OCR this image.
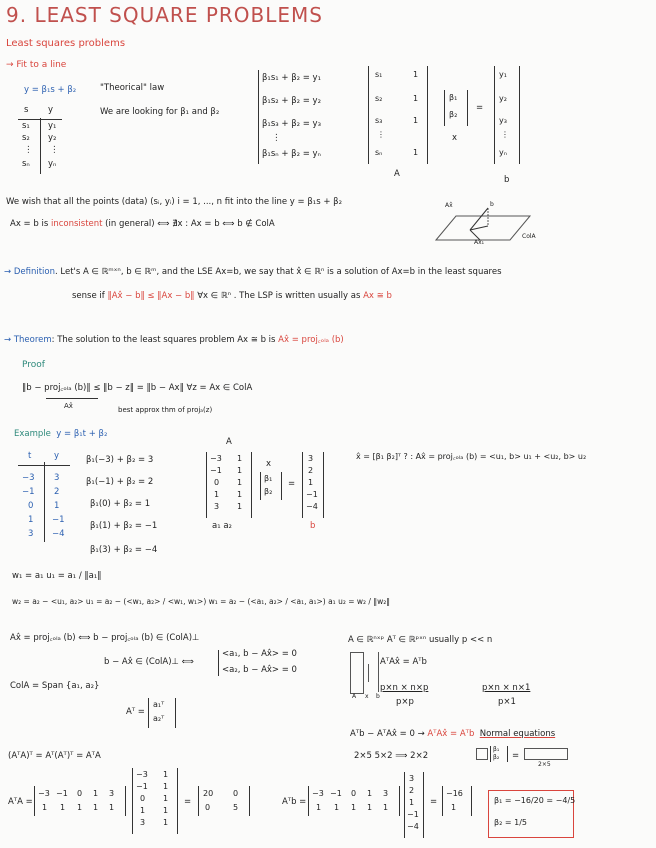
9. LEAST SQUARE PROBLEMS
Least squares problems
→ Fit to a line
y = β₁s + β₂	"Theorical" law
We are looking for β₁ and β₂
s y
s₁ y₁
s₂ y₂
⋮ ⋮
sₙ yₙ
β₁s₁ + β₂ = y₁
β₁s₂ + β₂ = y₂
β₁s₃ + β₂ = y₃
⋮
β₁sₙ + β₂ = yₙ
s₁	1
s₂	1
s₃	1
⋮
sₙ	1
A
β₁
β₂
x
=
y₁
y₂
y₃
⋮
yₙ
b
We wish that all the points (data) (sᵢ, yᵢ) i = 1, ..., n fit into the line y = β₁s + β₂
Ax = b is inconsistent (in general) ⟺ ∄x : Ax = b ⟺ b ∉ ColA
Ax̂	b
ColA
Ax₁
→ Definition. Let's A ∈ ℝᵐˣⁿ, b ∈ ℝᵐ, and the LSE Ax=b, we say that x̂ ∈ ℝⁿ is a solution of Ax=b in the least squares
sense if ‖Ax̂ − b‖ ≤ ‖Ax − b‖ ∀x ∈ ℝⁿ . The LSP is written usually as Ax ≅ b
→ Theorem: The solution to the least squares problem Ax ≅ b is Ax̂ = proj꜀ₒₗₐ (b)
Proof
‖b − proj꜀ₒₗₐ (b)‖ ≤ ‖b − z‖ = ‖b − Ax‖ ∀z = Ax ∈ ColA
Ax̂	best approx thm of projₐ(z)
Example y = β₁t + β₂
t	y
−3 3
−1 2
0 1
1 −1
3 −4
β₁(−3) + β₂ = 3
β₁(−1) + β₂ = 2
β₁(0) + β₂ = 1
β₁(1) + β₂ = −1
β₁(3) + β₂ = −4
A
−3 1
−1 1
0 1
1 1
3 1
a₁ a₂
x
β₁
β₂
=
3
2
1
−1
−4
b
x̂ = [β₁ β₂]ᵀ ? : Ax̂ = proj꜀ₒₗₐ (b) = <u₁, b> u₁ + <u₂, b> u₂
w₁ = a₁ u₁ = a₁ / ‖a₁‖
w₂ = a₂ − <u₁, a₂> u₁ = a₂ − (<w₁, a₂> / <w₁, w₁>) w₁ = a₂ − (<a₁, a₂> / <a₁, a₁>) a₁ u₂ = w₂ / ‖w₂‖
Ax̂ = proj꜀ₒₗₐ (b) ⟺ b − proj꜀ₒₗₐ (b) ∈ (ColA)⊥
b − Ax̂ ∈ (ColA)⊥ ⟺
<a₁, b − Ax̂> = 0
<a₂, b − Ax̂> = 0
ColA = Span {a₁, a₂}
Aᵀ =
a₁ᵀ
a₂ᵀ
A ∈ ℝⁿˣᵖ Aᵀ ∈ ℝᵖˣⁿ usually p << n
AᵀAx̂ = Aᵀb
A x b
p×n × n×p
p×p
p×n × n×1
p×1
Aᵀb − AᵀAx̂ = 0 → AᵀAx̂ = Aᵀb Normal equations
2×5 5×2 ⟹ 2×2
β₁
β₂ =
2×5
(AᵀA)ᵀ = Aᵀ(Aᵀ)ᵀ = AᵀA
AᵀA =
−3 −1 0 1 3
1 1 1 1 1
−3 1
−1 1
0 1
1 1
3 1
=
20 0
0	5
Aᵀb =
−3 −1 0 1 3
1 1 1 1 1
3
2
1
−1
−4
=
−16
1
β₁ = −16/20 = −4/5
β₂ = 1/5
